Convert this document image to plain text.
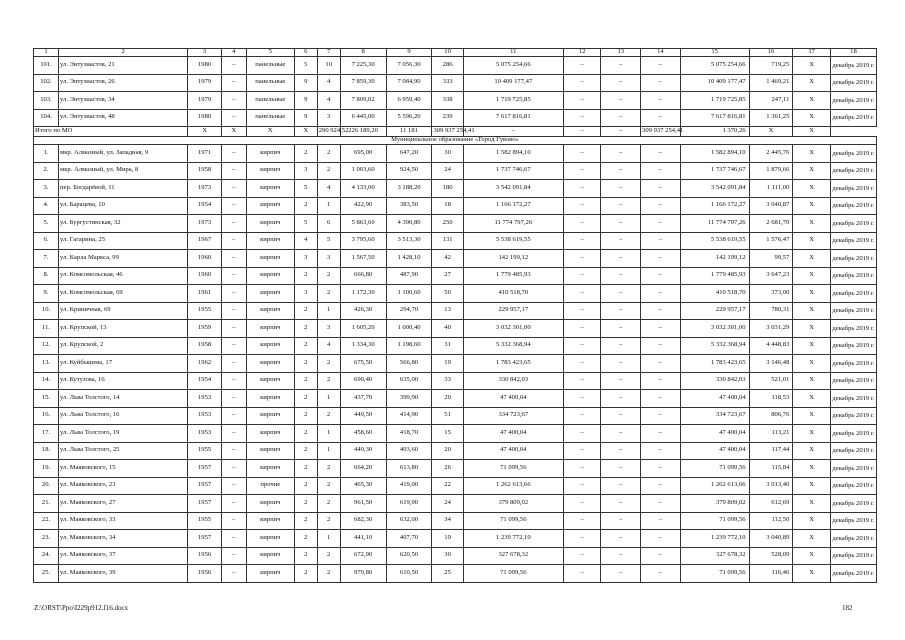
1	2	3	4	5	6	7	8	9	10	11	12	13	14	15	16	17	18
101.	ул. Энтузиастов, 21	1980	–	панельные	5	10	7 225,30	7 056,30	286	5 075 254,66	–	–	–	5 075 254,66	719,25	X	декабрь 2019 г.
102.	ул. Энтузиастов, 26	1979	–	панельные	9	4	7 859,30	7 084,90	333	10 409 177,47	–	–	–	10 409 177,47	1 469,21	X	декабрь 2019 г.
103.	ул. Энтузиастов, 34	1979	–	панельные	9	4	7 809,02	6 959,40	338	1 719 725,85	–	–	–	1 719 725,85	247,11	X	декабрь 2019 г.
104.	ул. Энтузиастов, 48	1980	–	панельные	9	3	6 445,00	5 596,20	239	7 617 816,81	–	–	–	7 617 816,81	1 361,25	X	декабрь 2019 г.
Итого по МО		X	X	X	X	290 924,52	226 189,20	11 181	309 937 254,41	–	–	–	309 937 254,41	1 370,26	X	X	
Муниципальное образование «Город Гуково»																	
1.	мкр. Алмазный, ул. Западная, 9	1971	–	кирпич	2	2	695,00	647,20	30	1 582 894,10	–	–	–	1 582 894,10	2 445,76	X	декабрь 2019 г.
2.	мкр. Алмазный, ул. Мира, 8	1958	–	кирпич	3	2	1 003,60	924,50	24	1 737 746,67	–	–	–	1 737 746,67	1 879,66	X	декабрь 2019 г.
3.	пер. Богдарёвой, 11	1973	–	кирпич	5	4	4 133,00	3 188,20	180	3 542 091,84	–	–	–	3 542 091,84	1 111,00	X	декабрь 2019 г.
4.	ул. Барацева, 10	1954	–	кирпич	2	1	422,90	383,50	18	1 166 172,27	–	–	–	1 166 172,27	3 040,87	X	декабрь 2019 г.
5.	ул. Бургустинская, 32	1973	–	кирпич	5	6	5 863,60	4 390,80	250	11 774 797,26	–	–	–	11 774 797,26	2 681,70	X	декабрь 2019 г.
6.	ул. Гагарина, 25	1967	–	кирпич	4	5	3 795,60	3 513,30	131	5 538 619,55	–	–	–	5 538 619,55	1 576,47	X	декабрь 2019 г.
7.	ул. Карла Маркса, 99	1960	–	кирпич	3	3	1 567,50	1 428,10	42	142 199,12	–	–	–	142 199,12	99,57	X	декабрь 2019 г.
8.	ул. Комсомольская, 46	1960	–	кирпич	2	2	666,80	487,90	27	1 779 485,93	–	–	–	1 779 485,93	3 647,23	X	декабрь 2019 г.
9.	ул. Комсомольская, 69	1961	–	кирпич	3	2	1 172,30	1 100,60	50	410 518,70	–	–	–	410 518,70	373,00	X	декабрь 2019 г.
10.	ул. Криничная, 69	1955	–	кирпич	2	1	426,30	294,70	13	229 957,17	–	–	–	229 957,17	780,31	X	декабрь 2019 г.
11.	ул. Крупской, 13	1959	–	кирпич	2	3	1 605,20	1 000,40	40	3 032 301,00	–	–	–	3 032 301,00	3 031,29	X	декабрь 2019 г.
12.	ул. Крупской, 2	1958	–	кирпич	2	4	1 334,30	1 198,60	31	5 332 368,94	–	–	–	5 332 368,94	4 448,83	X	декабрь 2019 г.
13.	ул. Куйбышева, 17	1962	–	кирпич	2	2	675,50	566,80	19	1 783 423,65	–	–	–	1 783 423,65	3 146,48	X	декабрь 2019 г.
14.	ул. Кутузова, 16	1954	–	кирпич	2	2	690,40	635,00	33	330 842,03	–	–	–	330 842,03	521,01	X	декабрь 2019 г.
15.	ул. Льва Толстого, 14	1953	–	кирпич	2	1	437,70	399,90	20	47 400,04	–	–	–	47 400,04	118,53	X	декабрь 2019 г.
16.	ул. Льва Толстого, 16	1953	–	кирпич	2	2	449,50	414,90	51	334 723,67	–	–	–	334 723,67	806,76	X	декабрь 2019 г.
17.	ул. Льва Толстого, 19	1953	–	кирпич	2	1	458,60	418,70	15	47 400,04	–	–	–	47 400,04	113,21	X	декабрь 2019 г.
18.	ул. Льва Толстого, 25	1955	–	кирпич	2	1	440,30	403,60	20	47 400,04	–	–	–	47 400,04	117,44	X	декабрь 2019 г.
19.	ул. Маяковского, 15	1957	–	кирпич	2	2	664,20	613,80	26	71 099,56	–	–	–	71 099,56	115,84	X	декабрь 2019 г.
20.	ул. Маяковского, 23	1957	–	прочие	2	2	465,30	419,00	22	1 262 613,66	–	–	–	1 262 613,66	3 013,40	X	декабрь 2019 г.
21.	ул. Маяковского, 27	1957	–	кирпич	2	2	961,50	619,90	24	379 809,02	–	–	–	379 809,02	612,69	X	декабрь 2019 г.
22.	ул. Маяковского, 33	1955	–	кирпич	2	2	682,30	632,00	34	71 099,56	–	–	–	71 099,56	112,50	X	декабрь 2019 г.
23.	ул. Маяковского, 34	1957	–	кирпич	2	1	441,10	407,70	19	1 239 772,10	–	–	–	1 239 772,10	3 040,89	X	декабрь 2019 г.
24.	ул. Маяковского, 37	1956	–	кирпич	2	2	672,90	620,50	30	327 678,32	–	–	–	327 678,32	528,09	X	декабрь 2019 г.
25.	ул. Маяковского, 39	1956	–	кирпич	2	2	979,80	610,50	25	71 099,56	–	–	–	71 099,56	116,46	X	декабрь 2019 г.
Z:\ORST\Ppo\I229p912.f16.docx	182
